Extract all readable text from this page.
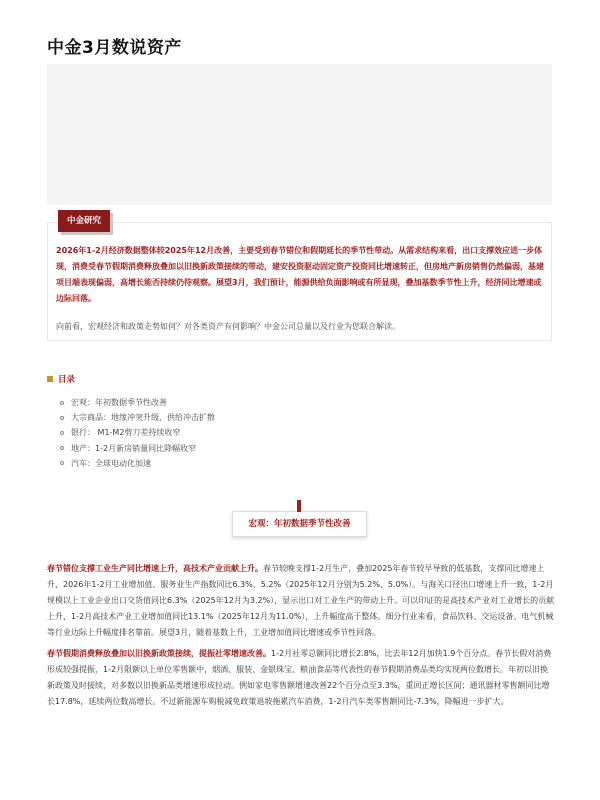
中金3月数说资产
中金研究

2026年1-2月经济数据整体较2025年12月改善，主要受到春节错位和假期延长的季节性带动。从需求结构来看，出口支撑效应进一步体现，消费受春节假期消费释放叠加以旧换新政策接续的带动，建安投资驱动固定资产投资同比增速转正，但房地产新房销售仍然偏弱，基建项目端表现偏弱，高增长能否持续仍待观察。展望3月，我们预计，能源供给负面影响或有所显现，叠加基数季节性上升，经济同比增速或边际回落。

向前看，宏观经济和政策走势如何？对各类资产有何影响？中金公司总量以及行业为您联合解读。

目录
宏观：年初数据季节性改善
大宗商品：地缘冲突升级，供给冲击扩散
银行： M1-M2剪刀差持续收窄
地产：1-2月新房销量同比降幅收窄
汽车：全球电动化加速
宏观：年初数据季节性改善

春节错位支撑工业生产同比增速上升，高技术产业贡献上升。春节较晚支撑1-2月生产，叠加2025年春节较早导致的低基数，支撑同比增速上升，2026年1-2月工业增加值、服务业生产指数同比6.3%、5.2%（2025年12月分别为5.2%、5.0%）。与海关口径出口增速上升一致，1-2月规模以上工业企业出口交货值同比6.3%（2025年12月为3.2%），显示出口对工业生产的带动上升。可以印证的是高技术产业对工业增长的贡献上升，1-2月高技术产业工业增加值同比13.1%（2025年12月为11.0%），上升幅度高于整体。细分行业来看，食品饮料、交运设备、电气机械等行业边际上升幅度排名靠前。展望3月，随着基数上升，工业增加值同比增速或季节性回落。

春节假期消费释放叠加以旧换新政策接续，提振社零增速改善。1-2月社零总额同比增长2.8%，比去年12月加快1.9个百分点。春节长假对消费形成较强提振，1-2月限额以上单位零售额中，烟酒、服装、金银珠宝、粮油食品等代表性的春节假期消费品类均实现两位数增长。年初以旧换新政策及时接续，对多数以旧换新品类增速形成拉动。例如家电零售额增速改善22个百分点至3.3%，重回正增长区间；通讯器材零售额同比增长17.8%，延续两位数高增长。不过新能源车购税减免政策退坡拖累汽车消费，1-2月汽车类零售额同比-7.3%，降幅进一步扩大。
